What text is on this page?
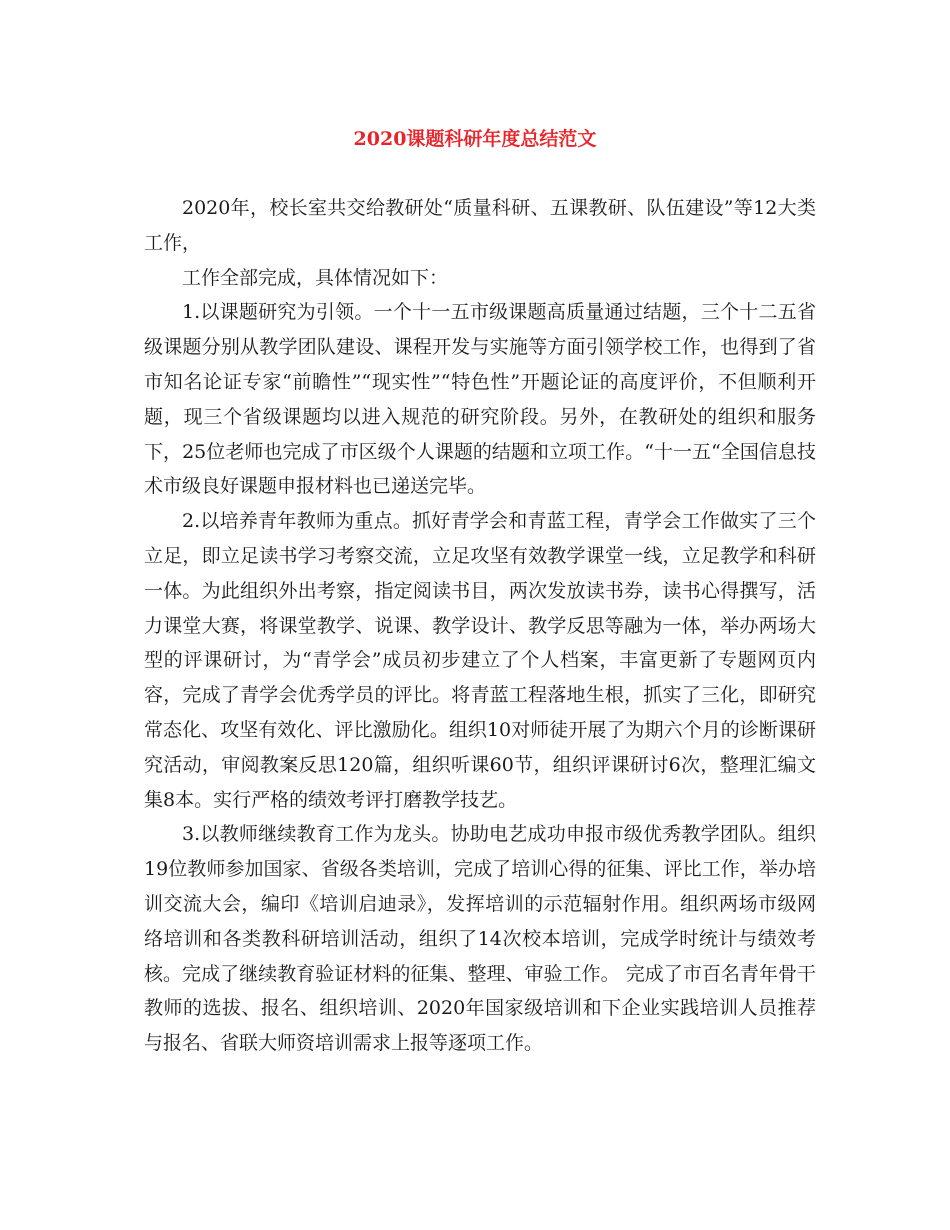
2020课题科研年度总结范文

2020年，校长室共交给教研处“质量科研、五课教研、队伍建设”等12大类工作，

工作全部完成，具体情况如下：

1.以课题研究为引领。一个十一五市级课题高质量通过结题，三个十二五省级课题分别从教学团队建设、课程开发与实施等方面引领学校工作，也得到了省市知名论证专家“前瞻性”“现实性”“特色性”开题论证的高度评价，不但顺利开题，现三个省级课题均以进入规范的研究阶段。另外，在教研处的组织和服务下，25位老师也完成了市区级个人课题的结题和立项工作。“十一五“全国信息技术市级良好课题申报材料也已递送完毕。

2.以培养青年教师为重点。抓好青学会和青蓝工程，青学会工作做实了三个立足，即立足读书学习考察交流，立足攻坚有效教学课堂一线，立足教学和科研一体。为此组织外出考察，指定阅读书目，两次发放读书券，读书心得撰写，活力课堂大赛，将课堂教学、说课、教学设计、教学反思等融为一体，举办两场大型的评课研讨，为“青学会”成员初步建立了个人档案，丰富更新了专题网页内容，完成了青学会优秀学员的评比。将青蓝工程落地生根，抓实了三化，即研究常态化、攻坚有效化、评比激励化。组织10对师徒开展了为期六个月的诊断课研究活动，审阅教案反思120篇，组织听课60节，组织评课研讨6次，整理汇编文集8本。实行严格的绩效考评打磨教学技艺。

3.以教师继续教育工作为龙头。协助电艺成功申报市级优秀教学团队。组织19位教师参加国家、省级各类培训，完成了培训心得的征集、评比工作，举办培训交流大会，编印《培训启迪录》，发挥培训的示范辐射作用。组织两场市级网络培训和各类教科研培训活动，组织了14次校本培训，完成学时统计与绩效考核。完成了继续教育验证材料的征集、整理、审验工作。 完成了市百名青年骨干教师的选拔、报名、组织培训、2020年国家级培训和下企业实践培训人员推荐与报名、省联大师资培训需求上报等逐项工作。
